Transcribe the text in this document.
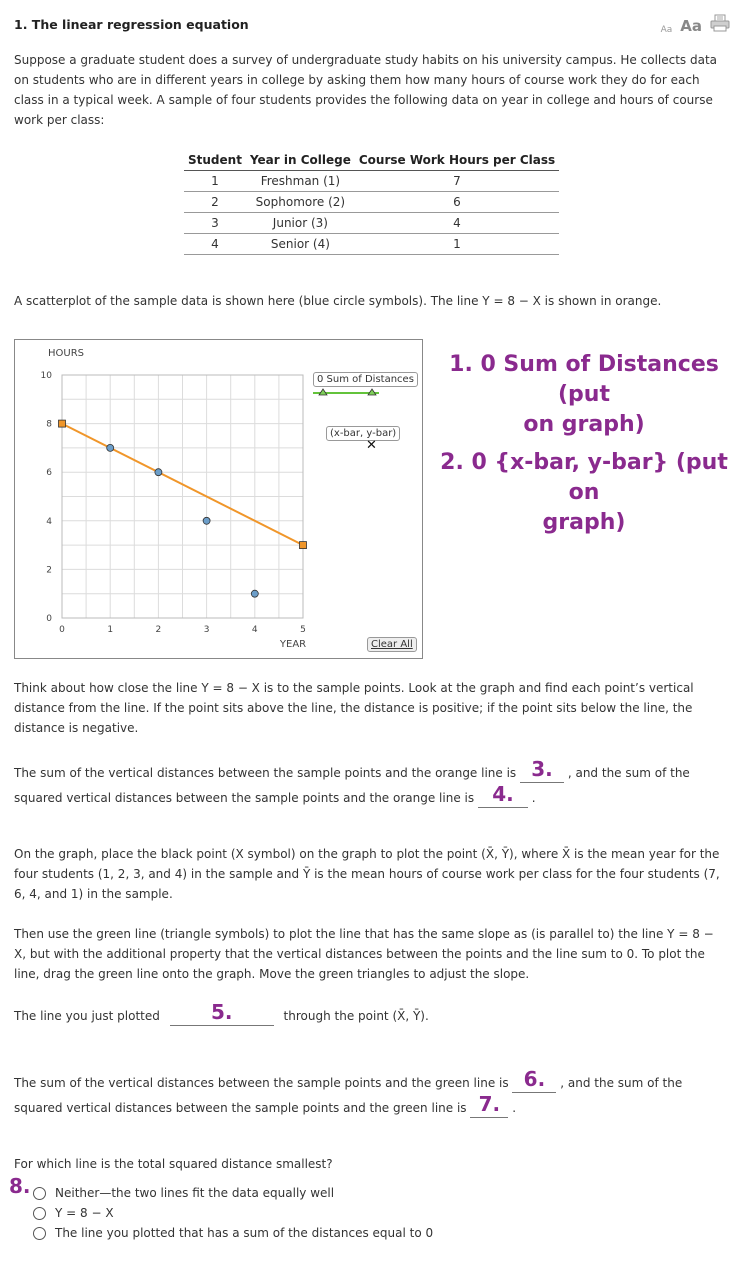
1. The linear regression equation	Aa Aa
Suppose a graduate student does a survey of undergraduate study habits on his university campus. He collects data on students who are in different years in college by asking them how many hours of course work they do for each class in a typical week. A sample of four students provides the following data on year in college and hours of course work per class:
Student	Year in College	Course Work Hours per Class
1	Freshman (1)	7
2	Sophomore (2)	6
3	Junior (3)	4
4	Senior (4)	1
A scatterplot of the sample data is shown here (blue circle symbols). The line Y = 8 − X is shown in orange.
0	1	2	3	4	5
0
2
4
6
8
10
HOURS
YEAR
0 Sum of Distances
(x-bar, y-bar)
✕
Clear All
1. 0 Sum of Distances (put
on graph)
2. 0 {x-bar, y-bar} (put on
graph)
Think about how close the line Y = 8 − X is to the sample points. Look at the graph and find each point’s vertical distance from the line. If the point sits above the line, the distance is positive; if the point sits below the line, the distance is negative.
The sum of the vertical distances between the sample points and the orange line is 3. , and the sum of the
squared vertical distances between the sample points and the orange line is 4. .
On the graph, place the black point (X symbol) on the graph to plot the point (X̄, Ȳ), where X̄ is the mean year for the four students (1, 2, 3, and 4) in the sample and Ȳ is the mean hours of course work per class for the four students (7, 6, 4, and 1) in the sample.
Then use the green line (triangle symbols) to plot the line that has the same slope as (is parallel to) the line Y = 8 − X, but with the additional property that the vertical distances between the points and the line sum to 0. To plot the line, drag the green line onto the graph. Move the green triangles to adjust the slope.
The line you just plotted	5.	through the point (X̄, Ȳ).
The sum of the vertical distances between the sample points and the green line is 6. , and the sum of the
squared vertical distances between the sample points and the green line is 7. .
For which line is the total squared distance smallest?
8. Neither—the two lines fit the data equally well
Y = 8 − X
The line you plotted that has a sum of the distances equal to 0
